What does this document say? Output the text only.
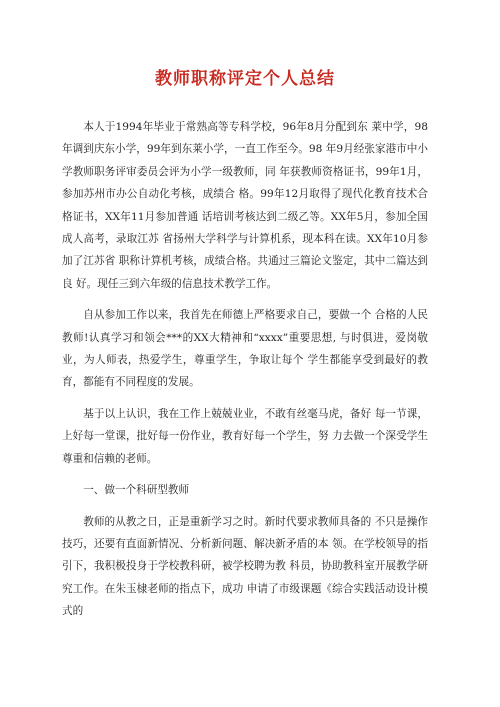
教师职称评定个人总结

本人于1994年毕业于常熟高等专科学校，96年8月分配到东 莱中学，98年调到庆东小学，99年到东莱小学，一直工作至今。98 年9月经张家港市中小学教师职务评审委员会评为小学一级教师，同 年获教师资格证书，99年1月，参加苏州市办公自动化考核，成绩合 格。99年12月取得了现代化教育技术合格证书，XX年11月参加普通 话培训考核达到二级乙等。XX年5月，参加全国成人高考，录取江苏 省扬州大学科学与计算机系，现本科在读。XX年10月参加了江苏省 职称计算机考核，成绩合格。共通过三篇论文鉴定，其中二篇达到良 好。现任三到六年级的信息技术教学工作。

自从参加工作以来，我首先在师德上严格要求自己，要做一个 合格的人民教师!认真学习和领会***的XX大精神和“xxxx”重要思想, 与时俱进，爱岗敬业，为人师表，热爱学生，尊重学生，争取让每个 学生都能享受到最好的教育，都能有不同程度的发展。

基于以上认识，我在工作上兢兢业业，不敢有丝毫马虎，备好 每一节课，上好每一堂课，批好每一份作业，教育好每一个学生，努 力去做一个深受学生尊重和信赖的老师。

一、做一个科研型教师

教师的从教之日，正是重新学习之时。新时代要求教师具备的 不只是操作技巧，还要有直面新情况、分析新问题、解决新矛盾的本 领。在学校领导的指引下，我积极投身于学校教科研，被学校聘为教 科员，协助教科室开展教学研究工作。在朱玉棣老师的指点下，成功 申请了市级课题《综合实践活动设计模式的
